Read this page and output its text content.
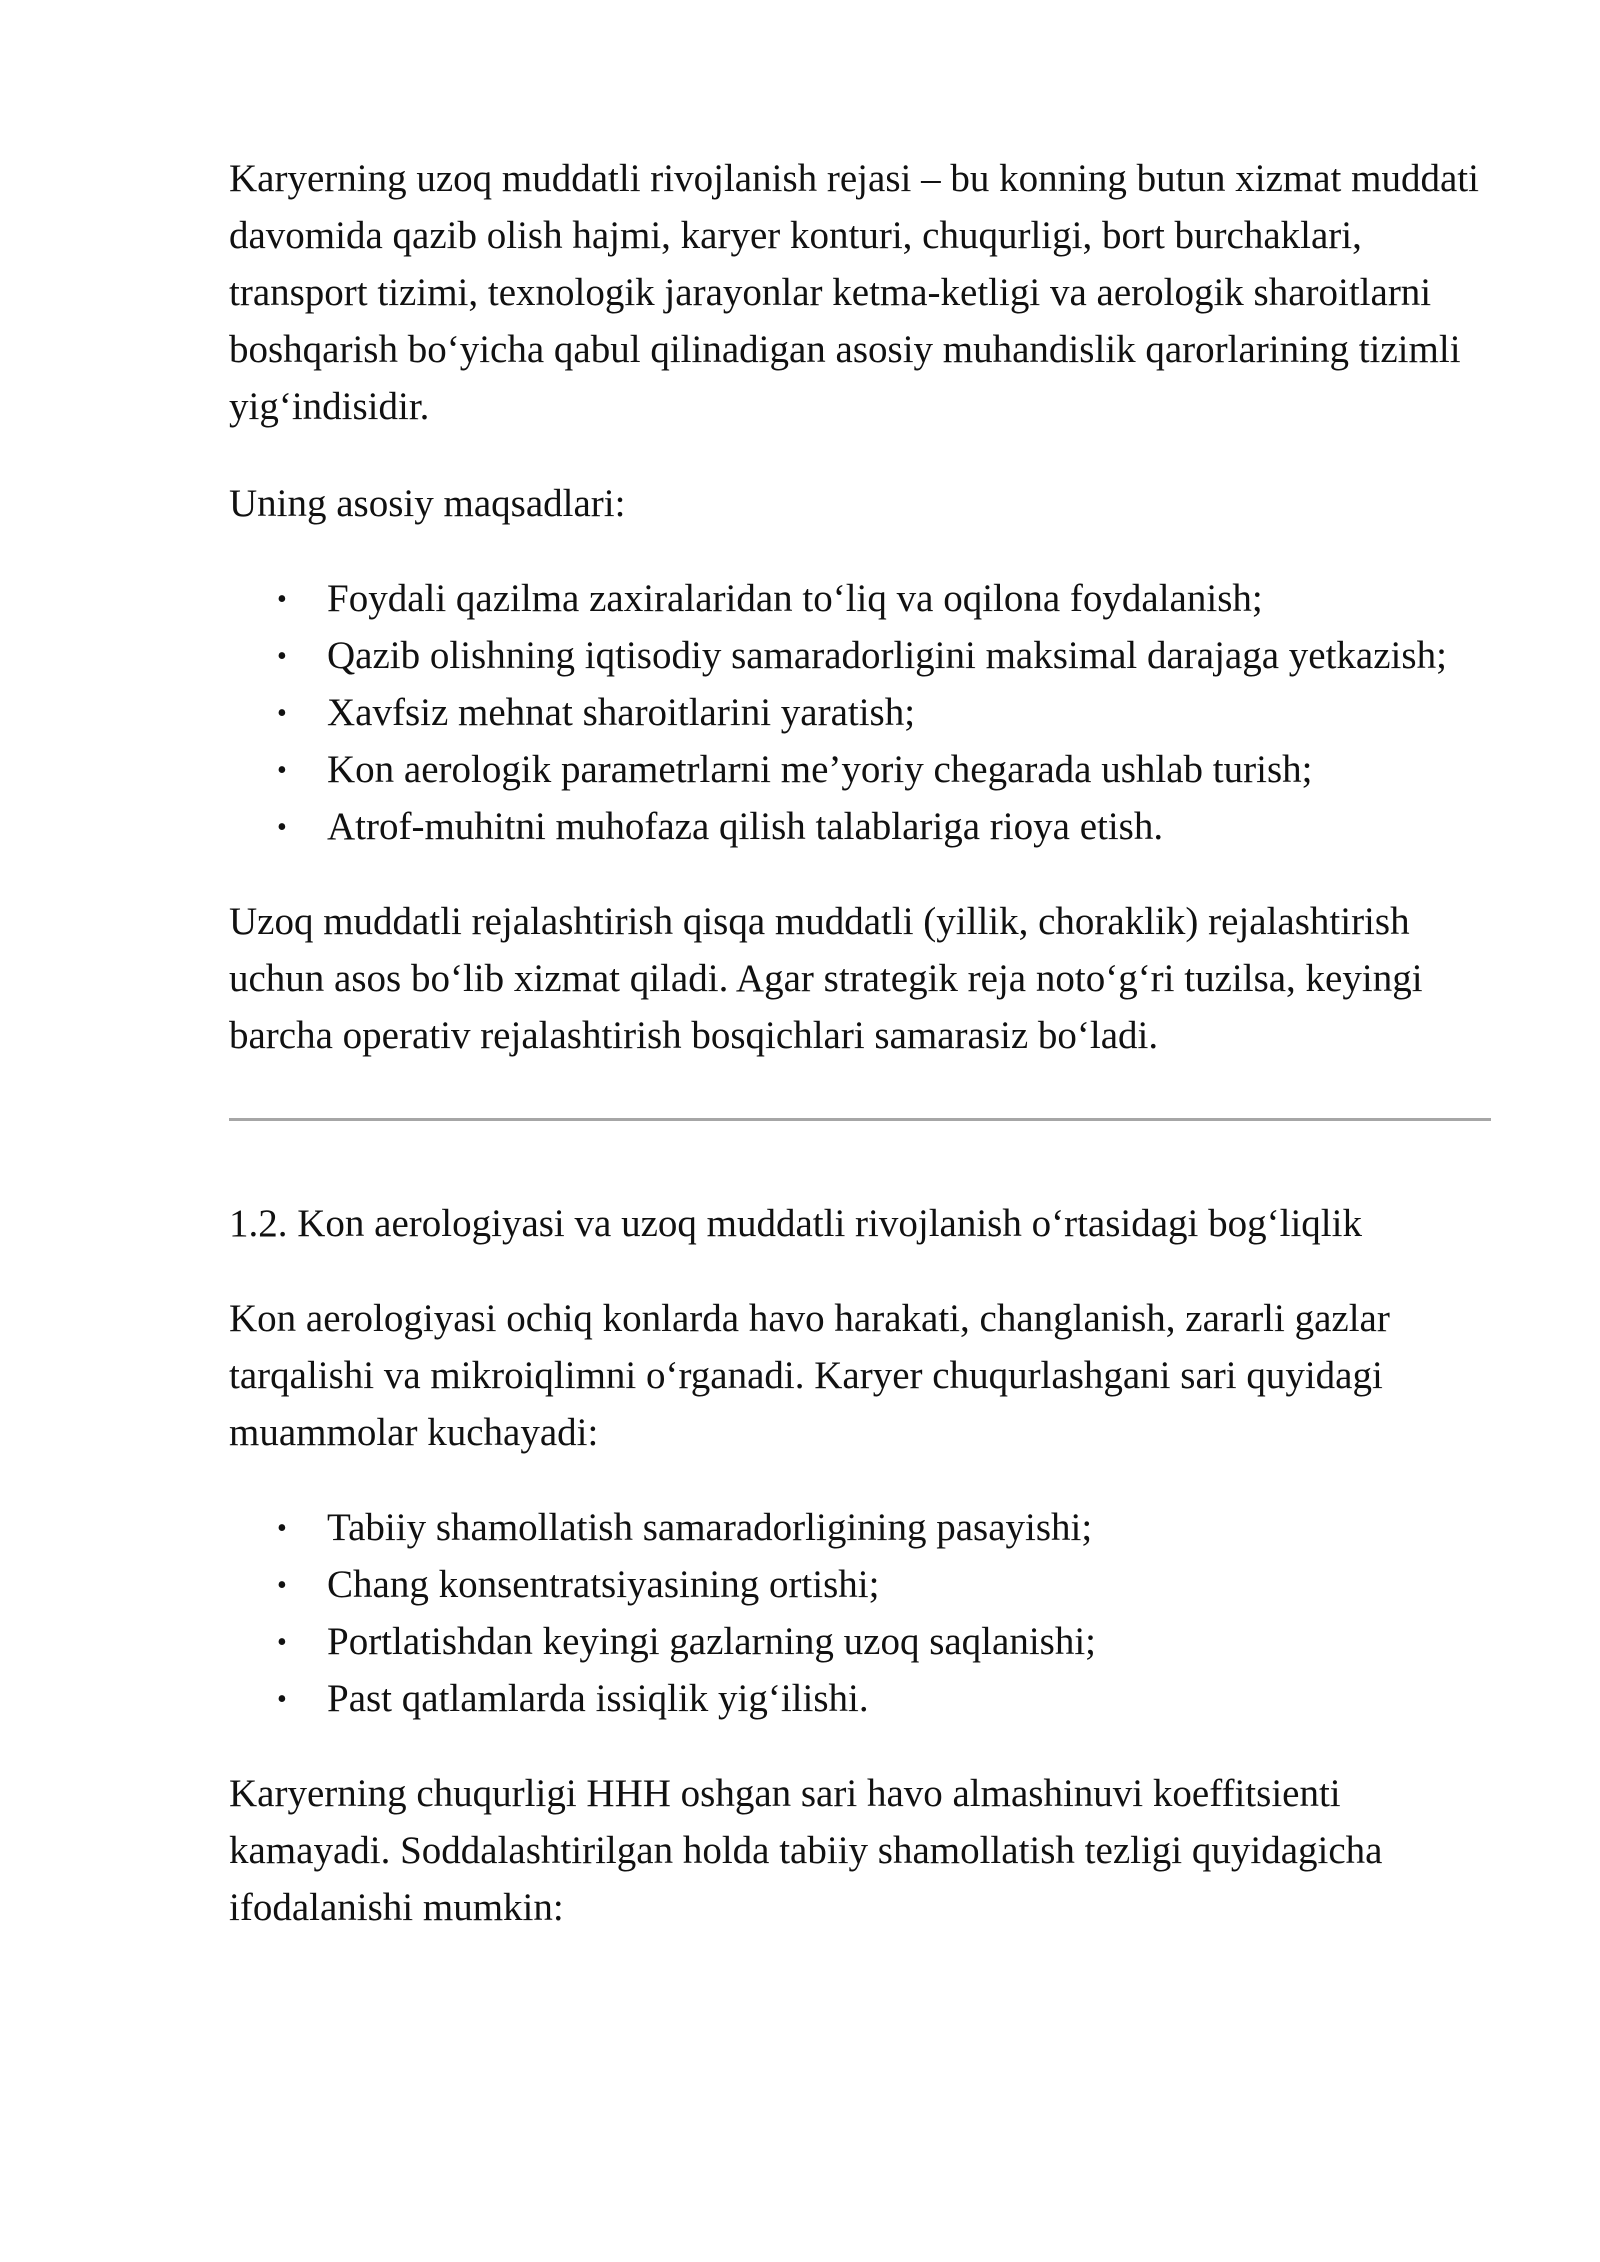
Karyerning uzoq muddatli rivojlanish rejasi – bu konning butun xizmat muddati davomida qazib olish hajmi, karyer konturi, chuqurligi, bort burchaklari, transport tizimi, texnologik jarayonlar ketma-ketligi va aerologik sharoitlarni boshqarish bo‘yicha qabul qilinadigan asosiy muhandislik qarorlarining tizimli yig‘indisidir.

Uning asosiy maqsadlari:

• Foydali qazilma zaxiralaridan to‘liq va oqilona foydalanish;
• Qazib olishning iqtisodiy samaradorligini maksimal darajaga yetkazish;
• Xavfsiz mehnat sharoitlarini yaratish;
• Kon aerologik parametrlarni me’yoriy chegarada ushlab turish;
• Atrof-muhitni muhofaza qilish talablariga rioya etish.

Uzoq muddatli rejalashtirish qisqa muddatli (yillik, choraklik) rejalashtirish uchun asos bo‘lib xizmat qiladi. Agar strategik reja noto‘g‘ri tuzilsa, keyingi barcha operativ rejalashtirish bosqichlari samarasiz bo‘ladi.

1.2. Kon aerologiyasi va uzoq muddatli rivojlanish o‘rtasidagi bog‘liqlik

Kon aerologiyasi ochiq konlarda havo harakati, changlanish, zararli gazlar tarqalishi va mikroiqlimni o‘rganadi. Karyer chuqurlashgani sari quyidagi muammolar kuchayadi:

• Tabiiy shamollatish samaradorligining pasayishi;
• Chang konsentratsiyasining ortishi;
• Portlatishdan keyingi gazlarning uzoq saqlanishi;
• Past qatlamlarda issiqlik yig‘ilishi.

Karyerning chuqurligi HHH oshgan sari havo almashinuvi koeffitsienti kamayadi. Soddalashtirilgan holda tabiiy shamollatish tezligi quyidagicha ifodalanishi mumkin:
